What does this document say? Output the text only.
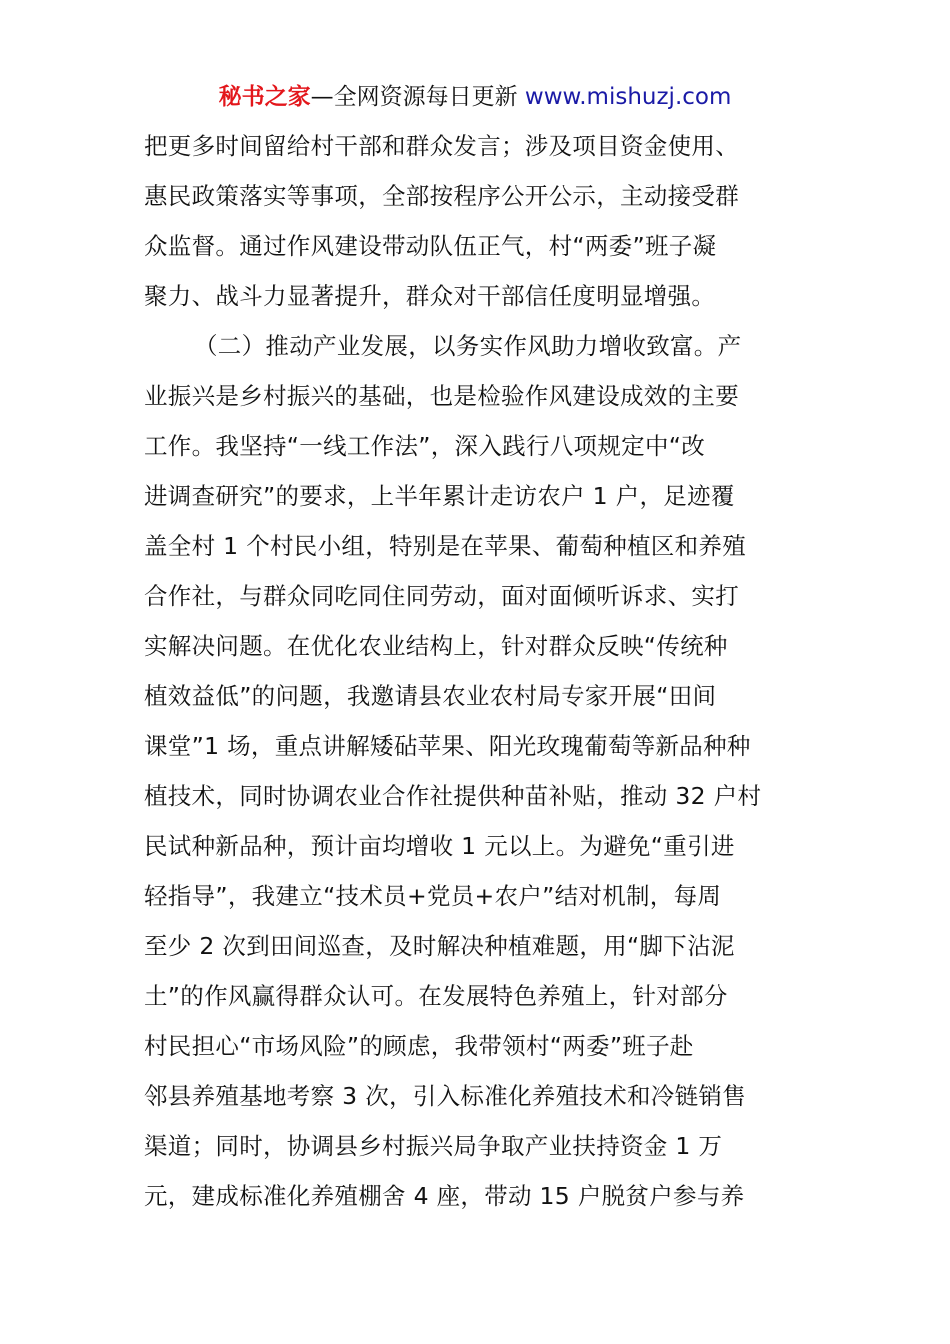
秘书之家—全网资源每日更新 www.mishuzj.com
把更多时间留给村干部和群众发言；涉及项目资金使用、
惠民政策落实等事项，全部按程序公开公示，主动接受群
众监督。通过作风建设带动队伍正气，村“两委”班子凝
聚力、战斗力显著提升，群众对干部信任度明显增强。
（二）推动产业发展，以务实作风助力增收致富。产
业振兴是乡村振兴的基础，也是检验作风建设成效的主要
工作。我坚持“一线工作法”，深入践行八项规定中“改
进调查研究”的要求，上半年累计走访农户 1 户，足迹覆
盖全村 1 个村民小组，特别是在苹果、葡萄种植区和养殖
合作社，与群众同吃同住同劳动，面对面倾听诉求、实打
实解决问题。在优化农业结构上，针对群众反映“传统种
植效益低”的问题，我邀请县农业农村局专家开展“田间
课堂”1 场，重点讲解矮砧苹果、阳光玫瑰葡萄等新品种种
植技术，同时协调农业合作社提供种苗补贴，推动 32 户村
民试种新品种，预计亩均增收 1 元以上。为避免“重引进
轻指导”，我建立“技术员+党员+农户”结对机制，每周
至少 2 次到田间巡查，及时解决种植难题，用“脚下沾泥
土”的作风赢得群众认可。在发展特色养殖上，针对部分
村民担心“市场风险”的顾虑，我带领村“两委”班子赴
邻县养殖基地考察 3 次，引入标准化养殖技术和冷链销售
渠道；同时，协调县乡村振兴局争取产业扶持资金 1 万
元，建成标准化养殖棚舍 4 座，带动 15 户脱贫户参与养
